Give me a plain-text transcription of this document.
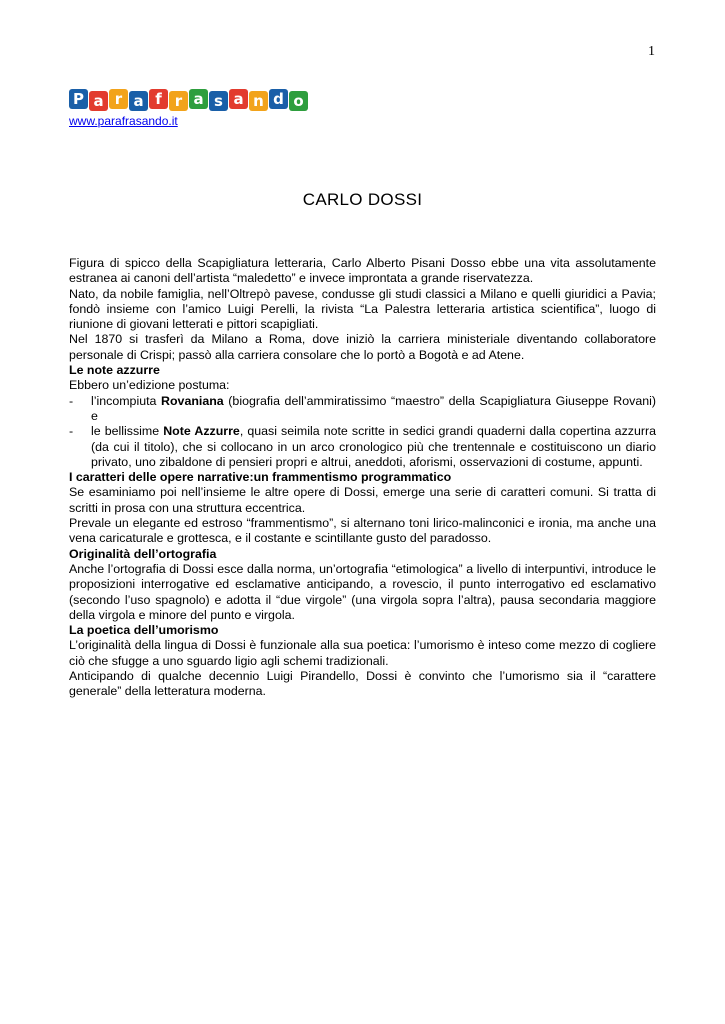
1
P a r a f r a s a n d o
www.parafrasando.it
CARLO DOSSI

Figura di spicco della Scapigliatura letteraria, Carlo Alberto Pisani Dosso ebbe una vita assolutamente estranea ai canoni dell’artista “maledetto” e invece improntata a grande riservatezza.

Nato, da nobile famiglia, nell’Oltrepò pavese, condusse gli studi classici a Milano e quelli giuridici a Pavia; fondò insieme con l’amico Luigi Perelli, la rivista “La Palestra letteraria artistica scientifica”, luogo di riunione di giovani letterati e pittori scapigliati.

Nel 1870 si trasferì da Milano a Roma, dove iniziò la carriera ministeriale diventando collaboratore personale di Crispi; passò alla carriera consolare che lo portò a Bogotà e ad Atene.

Le note azzurre

Ebbero un’edizione postuma:

- l’incompiuta Rovaniana (biografia dell’ammiratissimo “maestro” della Scapigliatura Giuseppe Rovani) e
- le bellissime Note Azzurre, quasi seimila note scritte in sedici grandi quaderni dalla copertina azzurra (da cui il titolo), che si collocano in un arco cronologico più che trentennale e costituiscono un diario privato, uno zibaldone di pensieri propri e altrui, aneddoti, aforismi, osservazioni di costume, appunti.
I caratteri delle opere narrative:un frammentismo programmatico

Se esaminiamo poi nell’insieme le altre opere di Dossi, emerge una serie di caratteri comuni. Si tratta di scritti in prosa con una struttura eccentrica.

Prevale un elegante ed estroso “frammentismo”, si alternano toni lirico-malinconici e ironia, ma anche una vena caricaturale e grottesca, e il costante e scintillante gusto del paradosso.

Originalità dell’ortografia

Anche l’ortografia di Dossi esce dalla norma, un’ortografia “etimologica” a livello di interpuntivi, introduce le proposizioni interrogative ed esclamative anticipando, a rovescio, il punto interrogativo ed esclamativo (secondo l’uso spagnolo) e adotta il “due virgole” (una virgola sopra l’altra), pausa secondaria maggiore della virgola e minore del punto e virgola.

La poetica dell’umorismo

L’originalità della lingua di Dossi è funzionale alla sua poetica: l’umorismo è inteso come mezzo di cogliere ciò che sfugge a uno sguardo ligio agli schemi tradizionali.

Anticipando di qualche decennio Luigi Pirandello, Dossi è convinto che l’umorismo sia il “carattere generale” della letteratura moderna.
